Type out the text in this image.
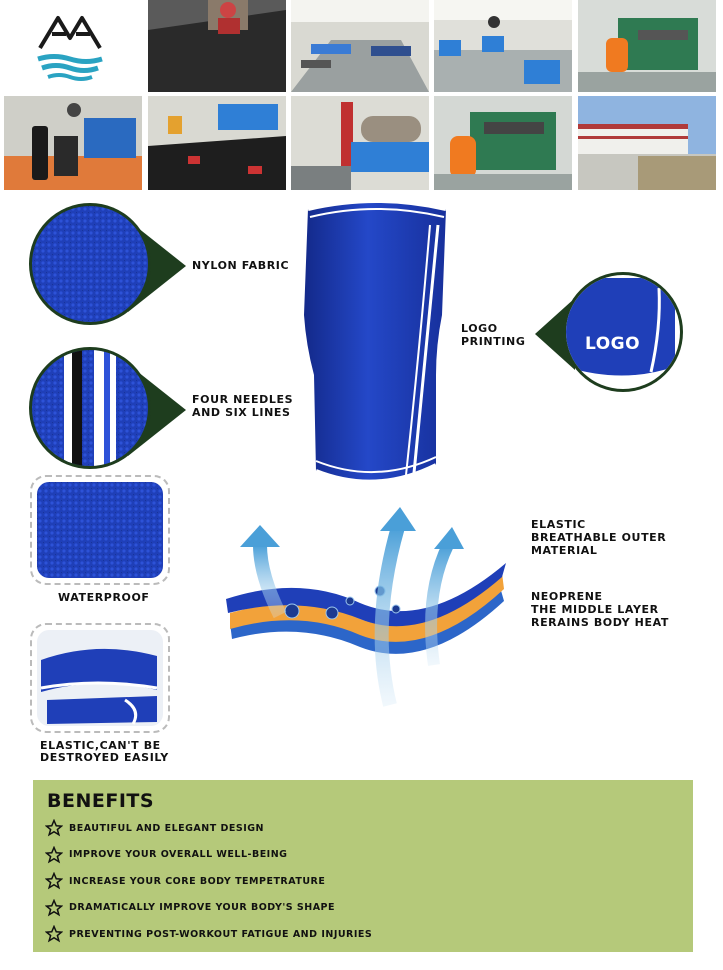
NYLON FABRIC
FOUR NEEDLES
AND SIX LINES
WATERPROOF
ELASTIC,CAN'T BE
DESTROYED EASILY
LOGO
PRINTING	LOGO
ELASTIC
BREATHABLE OUTER
MATERIAL
NEOPRENE
THE MIDDLE LAYER
RERAINS BODY HEAT
BENEFITS
BEAUTIFUL AND ELEGANT DESIGN
IMPROVE YOUR OVERALL WELL-BEING
INCREASE YOUR CORE BODY TEMPETRATURE
DRAMATICALLY IMPROVE YOUR BODY'S SHAPE
PREVENTING POST-WORKOUT FATIGUE AND INJURIES
